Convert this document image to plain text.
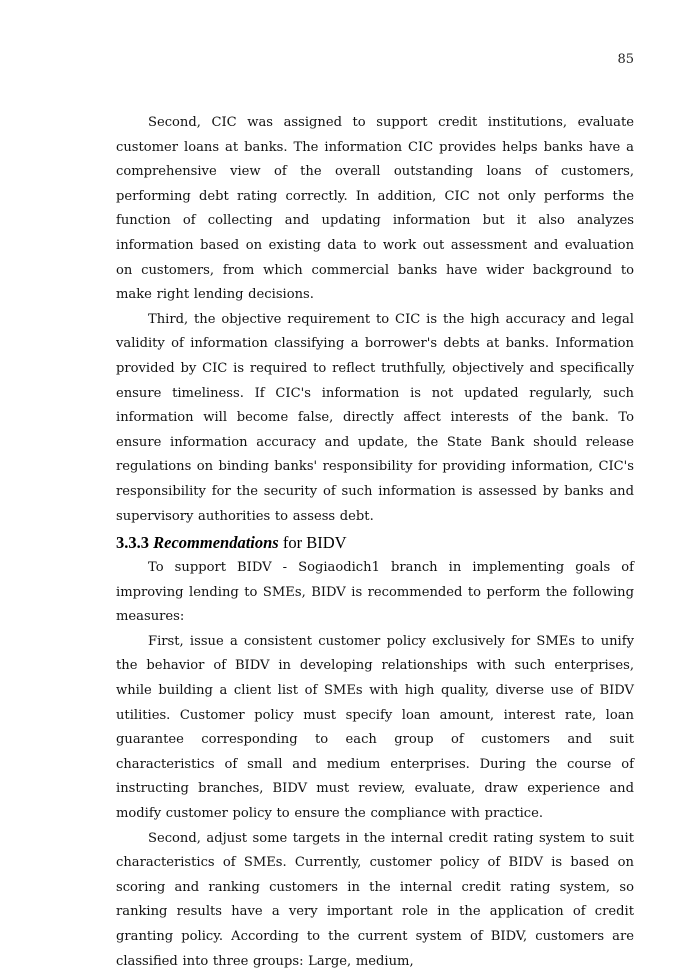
85

Second, CIC was assigned to support credit institutions, evaluate customer loans at banks. The information CIC provides helps banks have a comprehensive view of the overall outstanding loans of customers, performing debt rating correctly. In addition, CIC not only performs the function of collecting and updating information but it also analyzes information based on existing data to work out assessment and evaluation on customers, from which commercial banks have wider background to make right lending decisions.

Third, the objective requirement to CIC is the high accuracy and legal validity of information classifying a borrower's debts at banks. Information provided by CIC is required to reflect truthfully, objectively and specifically ensure timeliness. If CIC's information is not updated regularly, such information will become false, directly affect interests of the bank. To ensure information accuracy and update, the State Bank should release regulations on binding banks' responsibility for providing information, CIC's responsibility for the security of such information is assessed by banks and supervisory authorities to assess debt.

3.3.3 Recommendations for BIDV

To support BIDV - Sogiaodich1 branch in implementing goals of improving lending to SMEs, BIDV is recommended to perform the following measures:

First, issue a consistent customer policy exclusively for SMEs to unify the behavior of BIDV in developing relationships with such enterprises, while building a client list of SMEs with high quality, diverse use of BIDV utilities. Customer policy must specify loan amount, interest rate, loan guarantee corresponding to each group of customers and suit characteristics of small and medium enterprises. During the course of instructing branches, BIDV must review, evaluate, draw experience and modify customer policy to ensure the compliance with practice.

Second, adjust some targets in the internal credit rating system to suit characteristics of SMEs. Currently, customer policy of BIDV is based on scoring and ranking customers in the internal credit rating system, so ranking results have a very important role in the application of credit granting policy. According to the current system of BIDV, customers are classified into three groups: Large, medium,
